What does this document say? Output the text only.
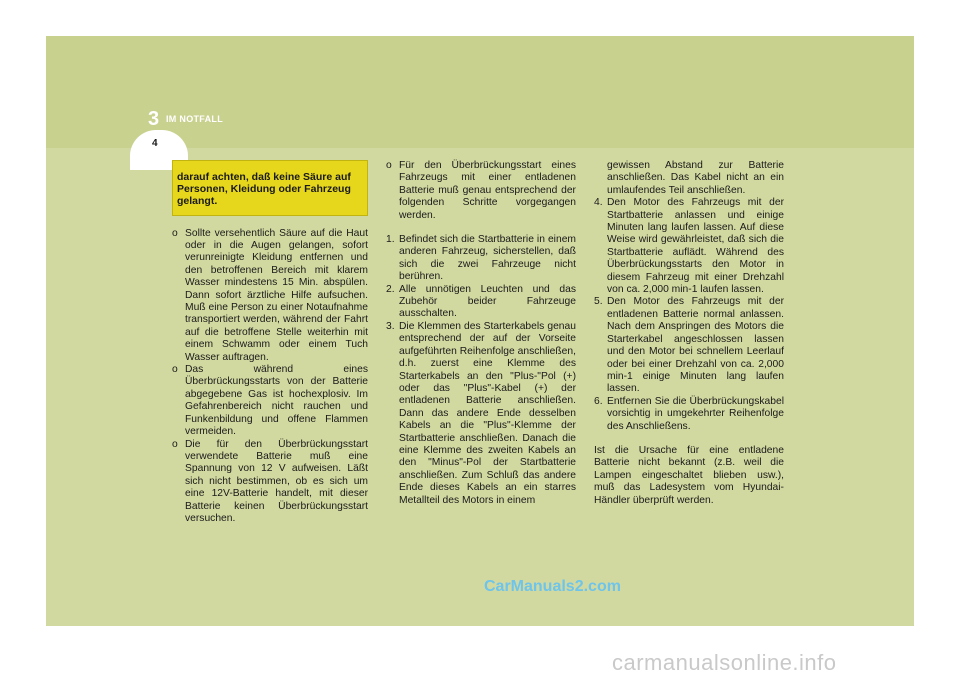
3 IM NOTFALL
4
darauf achten, daß keine Säure auf Personen, Kleidung oder Fahrzeug gelangt.
o Sollte versehentlich Säure auf die Haut oder in die Augen gelangen, sofort verunreinigte Kleidung entfernen und den betroffenen Bereich mit klarem Wasser mindestens 15 Min. abspülen. Dann sofort ärztliche Hilfe aufsuchen. Muß eine Person zu einer Notaufnahme transportiert werden, während der Fahrt auf die betroffene Stelle weiterhin mit einem Schwamm oder einem Tuch Wasser auftragen.
o Das während eines Überbrückungsstarts von der Batterie abgegebene Gas ist hochexplosiv. Im Gefahrenbereich nicht rauchen und Funkenbildung und offene Flammen vermeiden.
o Die für den Überbrückungsstart verwendete Batterie muß eine Spannung von 12 V aufweisen. Läßt sich nicht bestimmen, ob es sich um eine 12V-Batterie handelt, mit dieser Batterie keinen Überbrückungsstart versuchen.
o Für den Überbrückungsstart eines Fahrzeugs mit einer entladenen Batterie muß genau entsprechend der folgenden Schritte vorgegangen werden.
1. Befindet sich die Startbatterie in einem anderen Fahrzeug, sicherstellen, daß sich die zwei Fahrzeuge nicht berühren.
2. Alle unnötigen Leuchten und das Zubehör beider Fahrzeuge ausschalten.
3. Die Klemmen des Starterkabels genau entsprechend der auf der Vorseite aufgeführten Reihenfolge anschließen, d.h. zuerst eine Klemme des Starterkabels an den "Plus-"Pol (+) oder das "Plus"-Kabel (+) der entladenen Batterie anschließen. Dann das andere Ende desselben Kabels an die "Plus"-Klemme der Startbatterie anschließen. Danach die eine Klemme des zweiten Kabels an den "Minus"-Pol der Startbatterie anschließen. Zum Schluß das andere Ende dieses Kabels an ein starres Metallteil des Motors in einem
gewissen Abstand zur Batterie anschließen. Das Kabel nicht an ein umlaufendes Teil anschließen.
4. Den Motor des Fahrzeugs mit der Startbatterie anlassen und einige Minuten lang laufen lassen. Auf diese Weise wird gewährleistet, daß sich die Startbatterie auflädt. Während des Überbrückungsstarts den Motor in diesem Fahrzeug mit einer Drehzahl von ca. 2,000 min-1 laufen lassen.
5. Den Motor des Fahrzeugs mit der entladenen Batterie normal anlassen. Nach dem Anspringen des Motors die Starterkabel angeschlossen lassen und den Motor bei schnellem Leerlauf oder bei einer Drehzahl von ca. 2,000 min-1 einige Minuten lang laufen lassen.
6. Entfernen Sie die Überbrückungskabel vorsichtig in umgekehrter Reihenfolge des Anschließens.
Ist die Ursache für eine entladene Batterie nicht bekannt (z.B. weil die Lampen eingeschaltet blieben usw.), muß das Ladesystem vom Hyundai-Händler überprüft werden.
CarManuals2.com
carmanualsonline.info
